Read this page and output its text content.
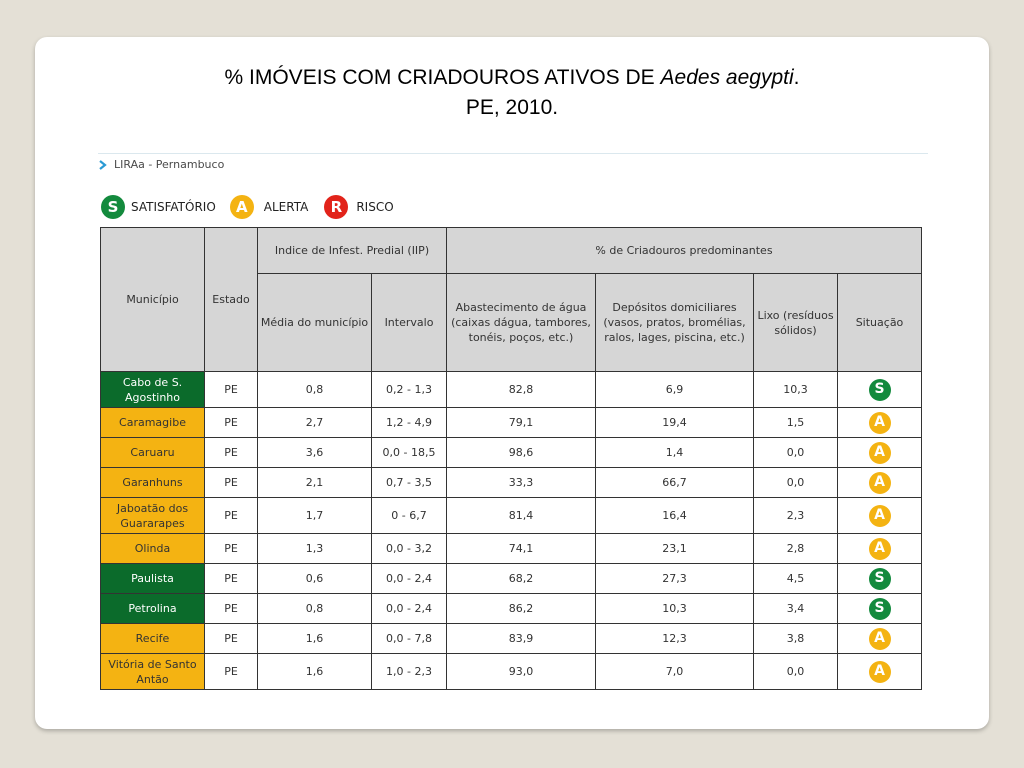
% IMÓVEIS COM CRIADOUROS ATIVOS DE Aedes aegypti.
PE, 2010.
LIRAa - Pernambuco
S	SATISFATÓRIO	A	ALERTA	R	RISCO
Município	Estado	Indice de Infest. Predial (IIP)		% de Criadouros predominantes			
		Média do município	Intervalo	Abastecimento de água (caixas dágua, tambores, tonéis, poços, etc.)	Depósitos domiciliares (vasos, pratos, bromélias, ralos, lages, piscina, etc.)	Lixo (resíduos sólidos)	Situação
Cabo de S. Agostinho	PE	0,8	0,2 - 1,3	82,8	6,9	10,3	S
Caramagibe	PE	2,7	1,2 - 4,9	79,1	19,4	1,5	A
Caruaru	PE	3,6	0,0 - 18,5	98,6	1,4	0,0	A
Garanhuns	PE	2,1	0,7 - 3,5	33,3	66,7	0,0	A
Jaboatão dos Guararapes	PE	1,7	0 - 6,7	81,4	16,4	2,3	A
Olinda	PE	1,3	0,0 - 3,2	74,1	23,1	2,8	A
Paulista	PE	0,6	0,0 - 2,4	68,2	27,3	4,5	S
Petrolina	PE	0,8	0,0 - 2,4	86,2	10,3	3,4	S
Recife	PE	1,6	0,0 - 7,8	83,9	12,3	3,8	A
Vitória de Santo Antão	PE	1,6	1,0 - 2,3	93,0	7,0	0,0	A
